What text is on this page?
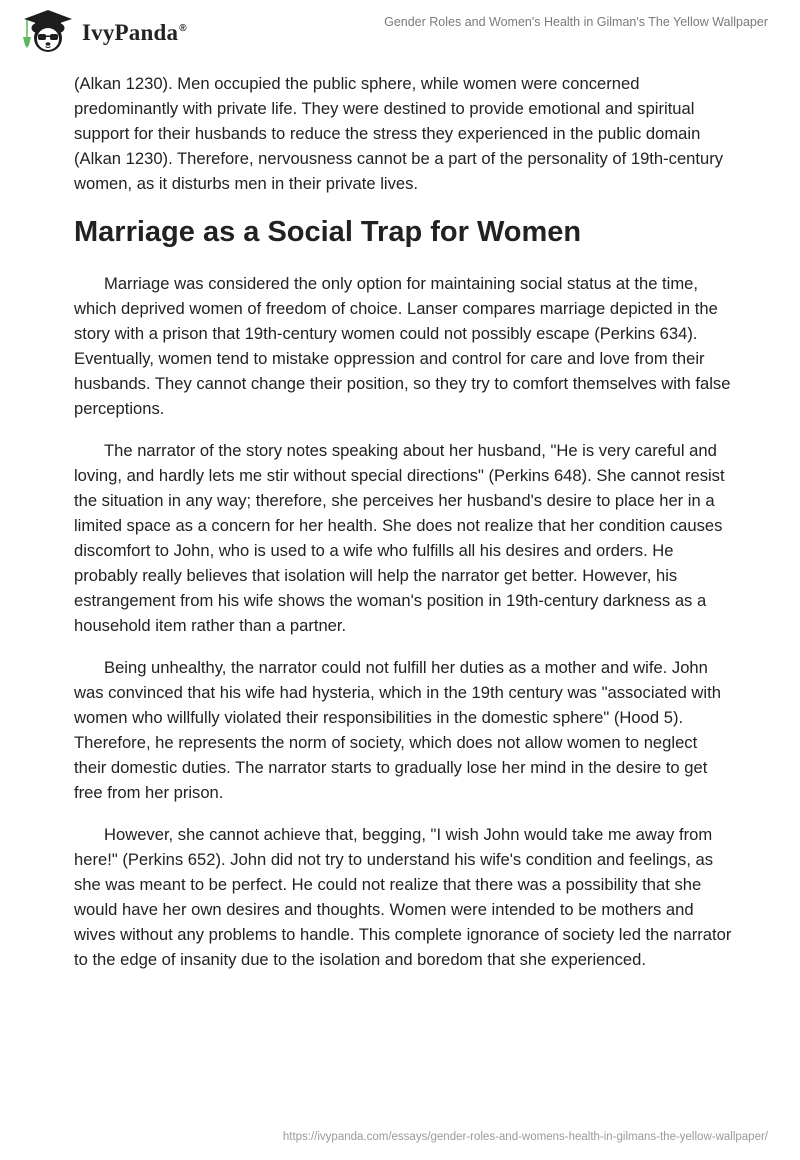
IvyPanda®	Gender Roles and Women's Health in Gilman's The Yellow Wallpaper

(Alkan 1230). Men occupied the public sphere, while women were concerned predominantly with private life. They were destined to provide emotional and spiritual support for their husbands to reduce the stress they experienced in the public domain (Alkan 1230). Therefore, nervousness cannot be a part of the personality of 19th-century women, as it disturbs men in their private lives.

Marriage as a Social Trap for Women

Marriage was considered the only option for maintaining social status at the time, which deprived women of freedom of choice. Lanser compares marriage depicted in the story with a prison that 19th-century women could not possibly escape (Perkins 634). Eventually, women tend to mistake oppression and control for care and love from their husbands. They cannot change their position, so they try to comfort themselves with false perceptions.

The narrator of the story notes speaking about her husband, "He is very careful and loving, and hardly lets me stir without special directions" (Perkins 648). She cannot resist the situation in any way; therefore, she perceives her husband's desire to place her in a limited space as a concern for her health. She does not realize that her condition causes discomfort to John, who is used to a wife who fulfills all his desires and orders. He probably really believes that isolation will help the narrator get better. However, his estrangement from his wife shows the woman's position in 19th-century darkness as a household item rather than a partner.

Being unhealthy, the narrator could not fulfill her duties as a mother and wife. John was convinced that his wife had hysteria, which in the 19th century was "associated with women who willfully violated their responsibilities in the domestic sphere" (Hood 5). Therefore, he represents the norm of society, which does not allow women to neglect their domestic duties. The narrator starts to gradually lose her mind in the desire to get free from her prison.

However, she cannot achieve that, begging, "I wish John would take me away from here!" (Perkins 652). John did not try to understand his wife's condition and feelings, as she was meant to be perfect. He could not realize that there was a possibility that she would have her own desires and thoughts. Women were intended to be mothers and wives without any problems to handle. This complete ignorance of society led the narrator to the edge of insanity due to the isolation and boredom that she experienced.

https://ivypanda.com/essays/gender-roles-and-womens-health-in-gilmans-the-yellow-wallpaper/
